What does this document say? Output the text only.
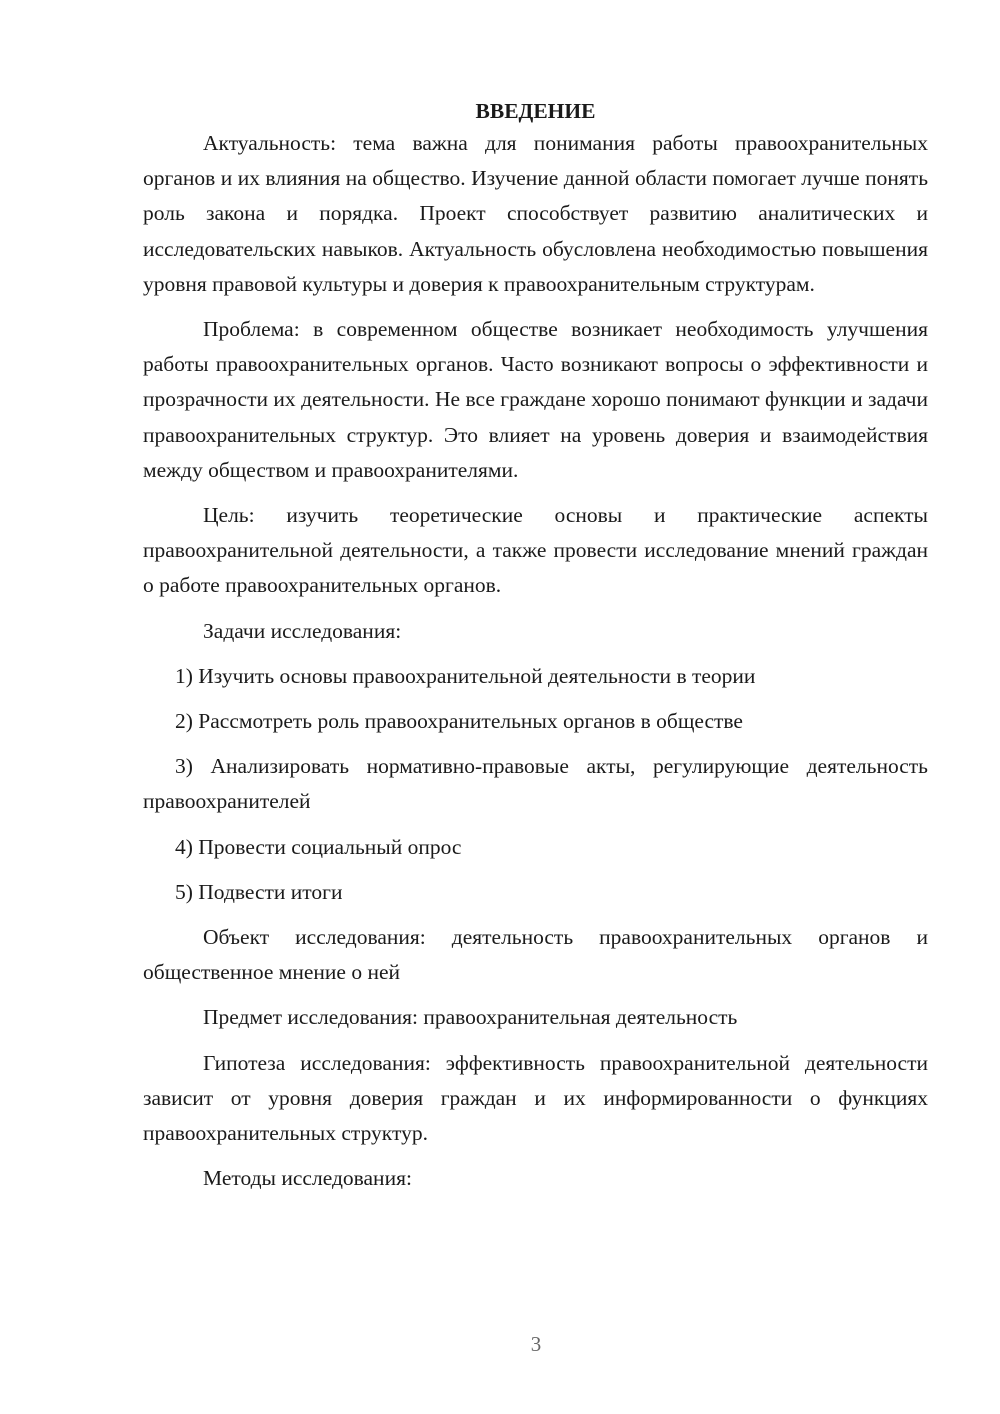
ВВЕДЕНИЕ

Актуальность: тема важна для понимания работы правоохранительных органов и их влияния на общество. Изучение данной области помогает лучше понять роль закона и порядка. Проект способствует развитию аналитических и исследовательских навыков. Актуальность обусловлена необходимостью повышения уровня правовой культуры и доверия к правоохранительным структурам.

Проблема: в современном обществе возникает необходимость улучшения работы правоохранительных органов. Часто возникают вопросы о эффективности и прозрачности их деятельности. Не все граждане хорошо понимают функции и задачи правоохранительных структур. Это влияет на уровень доверия и взаимодействия между обществом и правоохранителями.

Цель: изучить теоретические основы и практические аспекты правоохранительной деятельности, а также провести исследование мнений граждан о работе правоохранительных органов.

Задачи исследования:

1) Изучить основы правоохранительной деятельности в теории

2) Рассмотреть роль правоохранительных органов в обществе

3) Анализировать нормативно-правовые акты, регулирующие деятельность правоохранителей

4) Провести социальный опрос

5) Подвести итоги

Объект исследования: деятельность правоохранительных органов и общественное мнение о ней

Предмет исследования: правоохранительная деятельность

Гипотеза исследования: эффективность правоохранительной деятельности зависит от уровня доверия граждан и их информированности о функциях правоохранительных структур.

Методы исследования:

3
